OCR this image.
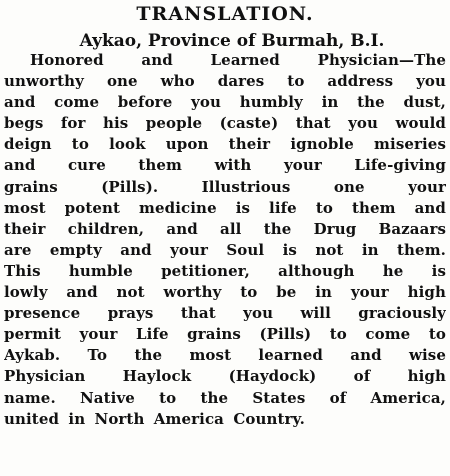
TRANSLATION.
Aykao, Province of Burmah, B.I.
Honored and Learned Physician—The
unworthy one who dares to address you
and come before you humbly in the dust,
begs for his people (caste) that you would
deign to look upon their ignoble miseries
and cure them with your Life-giving
grains (Pills). Illustrious one your
most potent medicine is life to them and
their children, and all the Drug Bazaars
are empty and your Soul is not in them.
This humble petitioner, although he is
lowly and not worthy to be in your high
presence prays that you will graciously
permit your Life grains (Pills) to come to
Aykab. To the most learned and wise
Physician Haylock (Haydock) of high
name. Native to the States of America,
united in North America Country.
